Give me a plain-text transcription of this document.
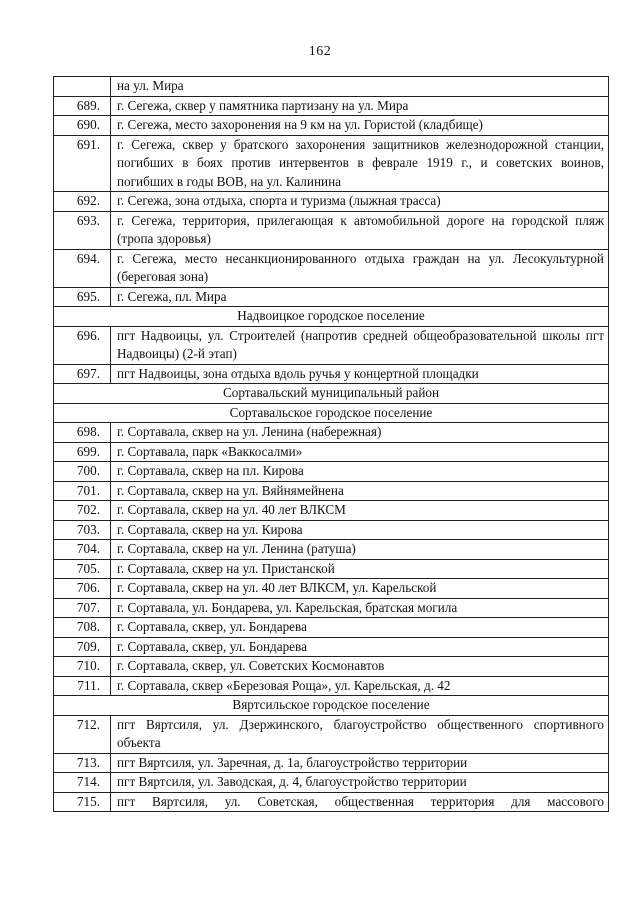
162
	на ул. Мира
689.	г. Сегежа, сквер у памятника партизану на ул. Мира
690.	г. Сегежа, место захоронения на 9 км на ул. Гористой (кладбище)
691.	г. Сегежа, сквер у братского захоронения защитников железнодорожной станции, погибших в боях против интервентов в феврале 1919 г., и советских воинов, погибших в годы ВОВ, на ул. Калинина
692.	г. Сегежа, зона отдыха, спорта и туризма (лыжная трасса)
693.	г. Сегежа, территория, прилегающая к автомобильной дороге на городской пляж (тропа здоровья)
694.	г. Сегежа, место несанкционированного отдыха граждан на ул. Лесокультурной (береговая зона)
695.	г. Сегежа, пл. Мира
Надвоицкое городское поселение	
696.	пгт Надвоицы, ул. Строителей (напротив средней общеобразовательной школы пгт Надвоицы) (2-й этап)
697.	пгт Надвоицы, зона отдыха вдоль ручья у концертной площадки
Сортавальский муниципальный район	
Сортавальское городское поселение	
698.	г. Сортавала, сквер на ул. Ленина (набережная)
699.	г. Сортавала, парк «Ваккосалми»
700.	г. Сортавала, сквер на пл. Кирова
701.	г. Сортавала, сквер на ул. Вяйнямейнена
702.	г. Сортавала, сквер на ул. 40 лет ВЛКСМ
703.	г. Сортавала, сквер на ул. Кирова
704.	г. Сортавала, сквер на ул. Ленина (ратуша)
705.	г. Сортавала, сквер на ул. Пристанской
706.	г. Сортавала, сквер на ул. 40 лет ВЛКСМ, ул. Карельской
707.	г. Сортавала, ул. Бондарева, ул. Карельская, братская могила
708.	г. Сортавала, сквер, ул. Бондарева
709.	г. Сортавала, сквер, ул. Бондарева
710.	г. Сортавала, сквер, ул. Советских Космонавтов
711.	г. Сортавала, сквер «Березовая Роща», ул. Карельская, д. 42
Вяртсильское городское поселение	
712.	пгт Вяртсиля, ул. Дзержинского, благоустройство общественного спортивного объекта
713.	пгт Вяртсиля, ул. Заречная, д. 1а, благоустройство территории
714.	пгт Вяртсиля, ул. Заводская, д. 4, благоустройство территории
715.	пгт Вяртсиля, ул. Советская, общественная территория для массового
